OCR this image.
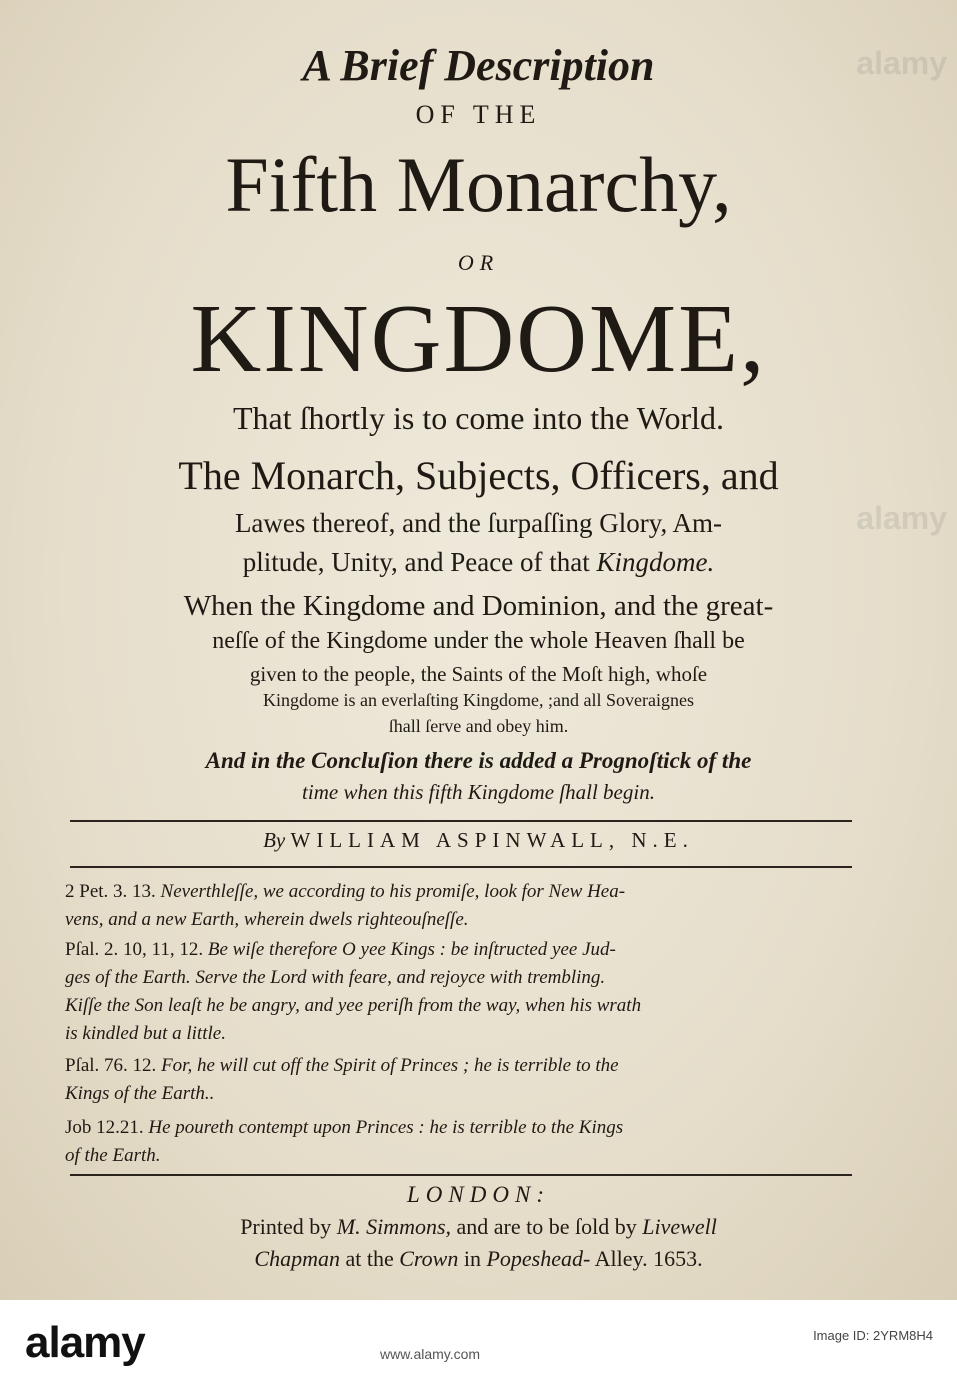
A Brief Description
OF THE
Fifth Monarchy,
OR
KINGDOME,
That ſhortly is to come into the World.
The Monarch, Subjects, Officers, and
Lawes thereof, and the ſurpaſſing Glory, Am-
plitude, Unity, and Peace of that Kingdome.
When the Kingdome and Dominion, and the great-
neſſe of the Kingdome under the whole Heaven ſhall be
given to the people, the Saints of the Moſt high, whoſe
Kingdome is an everlaſting Kingdome, ;and all Soveraignes
ſhall ſerve and obey him.
And in the Concluſion there is added a Prognoſtick of the
time when this fifth Kingdome ſhall begin.
By WILLIAM ASPINWALL, N.E.
2 Pet. 3. 13. Neverthleſſe, we according to his promiſe, look for New Hea-
vens, and a new Earth, wherein dwels righteouſneſſe.
Pſal. 2. 10, 11, 12. Be wiſe therefore O yee Kings : be inſtructed yee Jud-
ges of the Earth. Serve the Lord with feare, and rejoyce with trembling.
Kiſſe the Son leaſt he be angry, and yee periſh from the way, when his wrath
is kindled but a little.
Pſal. 76. 12. For, he will cut off the Spirit of Princes ; he is terrible to the
Kings of the Earth..
Job 12.21. He poureth contempt upon Princes : he is terrible to the Kings
of the Earth.
LONDON:
Printed by M. Simmons, and are to be ſold by Livewell
Chapman at the Crown in Popeshead- Alley. 1653.
alamy
alamy
alamy	www.alamy.com
Image ID: 2YRM8H4
